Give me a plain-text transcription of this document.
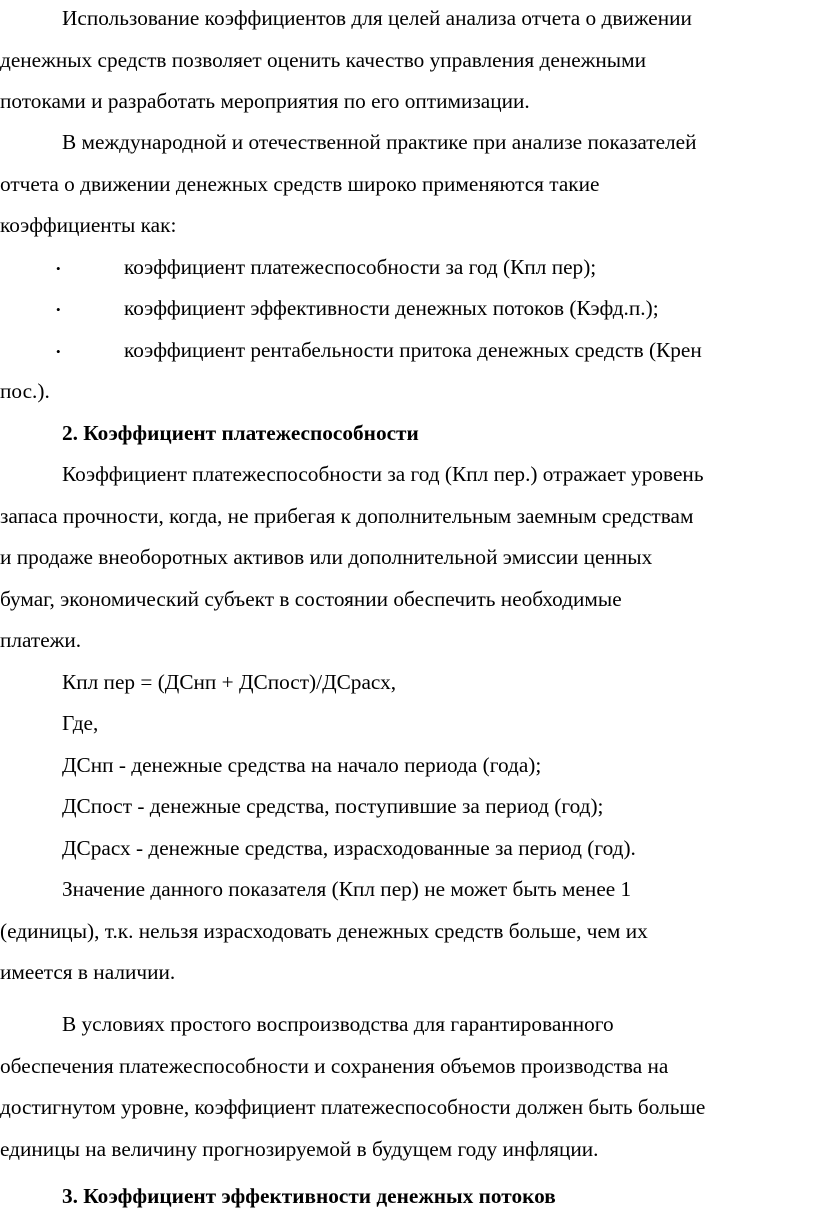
Использование коэффициентов для целей анализа отчета о движении
денежных средств позволяет оценить качество управления денежными
потоками и разработать мероприятия по его оптимизации.
В международной и отечественной практике при анализе показателей
отчета о движении денежных средств широко применяются такие
коэффициенты как:
•	коэффициент платежеспособности за год (Кпл пер);
•	коэффициент эффективности денежных потоков (Кэфд.п.);
•	коэффициент рентабельности притока денежных средств (Крен
пос.).
2. Коэффициент платежеспособности
Коэффициент платежеспособности за год (Кпл пер.) отражает уровень
запаса прочности, когда, не прибегая к дополнительным заемным средствам
и продаже внеоборотных активов или дополнительной эмиссии ценных
бумаг, экономический субъект в состоянии обеспечить необходимые
платежи.
Кпл пер = (ДСнп + ДСпост)/ДСрасх,
Где,
ДСнп - денежные средства на начало периода (года);
ДСпост - денежные средства, поступившие за период (год);
ДСрасх - денежные средства, израсходованные за период (год).
Значение данного показателя (Кпл пер) не может быть менее 1
(единицы), т.к. нельзя израсходовать денежных средств больше, чем их
имеется в наличии.
В условиях простого воспроизводства для гарантированного
обеспечения платежеспособности и сохранения объемов производства на
достигнутом уровне, коэффициент платежеспособности должен быть больше
единицы на величину прогнозируемой в будущем году инфляции.
3. Коэффициент эффективности денежных потоков
